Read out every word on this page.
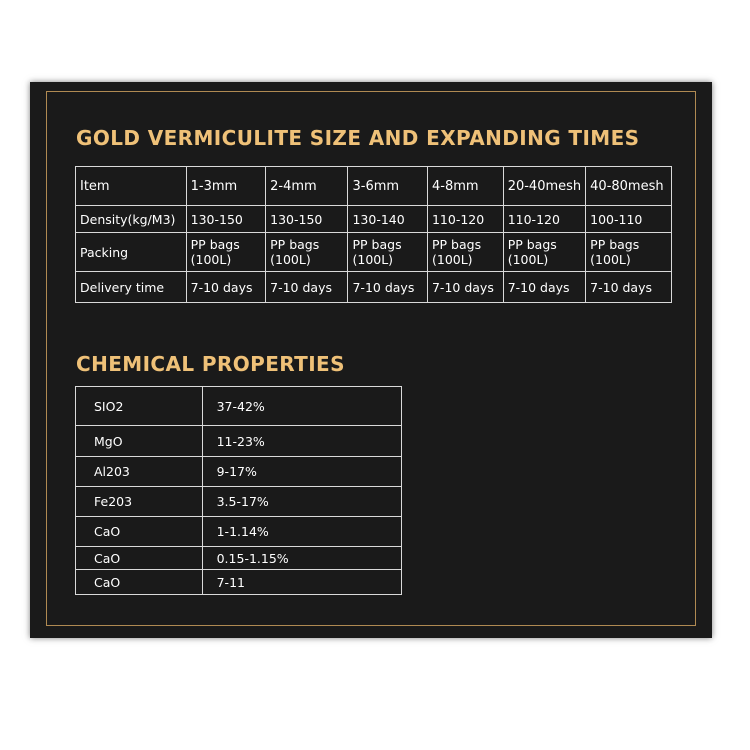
GOLD VERMICULITE SIZE AND EXPANDING TIMES
Item	1-3mm	2-4mm	3-6mm	4-8mm	20-40mesh	40-80mesh
Density(kg/M3)	130-150	130-150	130-140	110-120	110-120	100-110
Packing	PP bags (100L)	PP bags (100L)	PP bags (100L)	PP bags (100L)	PP bags (100L)	PP bags (100L)
Delivery time	7-10 days	7-10 days	7-10 days	7-10 days	7-10 days	7-10 days
CHEMICAL PROPERTIES
SIO2	37-42%
MgO	11-23%
Al203	9-17%
Fe203	3.5-17%
CaO	1-1.14%
CaO	0.15-1.15%
CaO	7-11
